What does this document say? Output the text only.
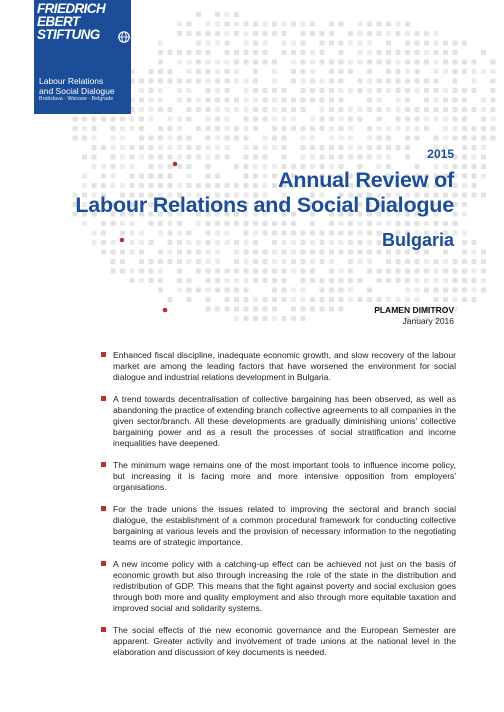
FRIEDRICH
EBERT
STIFTUNG
Labour Relations
and Social Dialogue
Bratislava · Warsaw · Belgrade
2015
Annual Review of
Labour Relations and Social Dialogue
Bulgaria
PLAMEN DIMITROV
January 2016
Enhanced fiscal discipline, inadequate economic growth, and slow recovery of the labour market are among the leading factors that have worsened the environment for social dialogue and industrial relations development in Bulgaria.
A trend towards decentralisation of collective bargaining has been observed, as well as abandoning the practice of extending branch collective agreements to all companies in the given sector/branch. All these developments are gradually diminishing unions' collective bargaining power and as a result the processes of social stratification and income inequalities have deepened.
The minimum wage remains one of the most important tools to influence income policy, but increasing it is facing more and more intensive opposition from employers' organisations.
For the trade unions the issues related to improving the sectoral and branch social dialogue, the establishment of a common procedural framework for conducting collective bargaining at various levels and the provision of necessary information to the negotiating teams are of strategic importance.
A new income policy with a catching-up effect can be achieved not just on the basis of economic growth but also through increasing the role of the state in the distribution and redistribution of GDP. This means that the fight against poverty and social exclusion goes through both more and quality employment and also through more equitable taxation and improved social and solidarity systems.
The social effects of the new economic governance and the European Semester are apparent. Greater activity and involvement of trade unions at the national level in the elaboration and discussion of key documents is needed.
